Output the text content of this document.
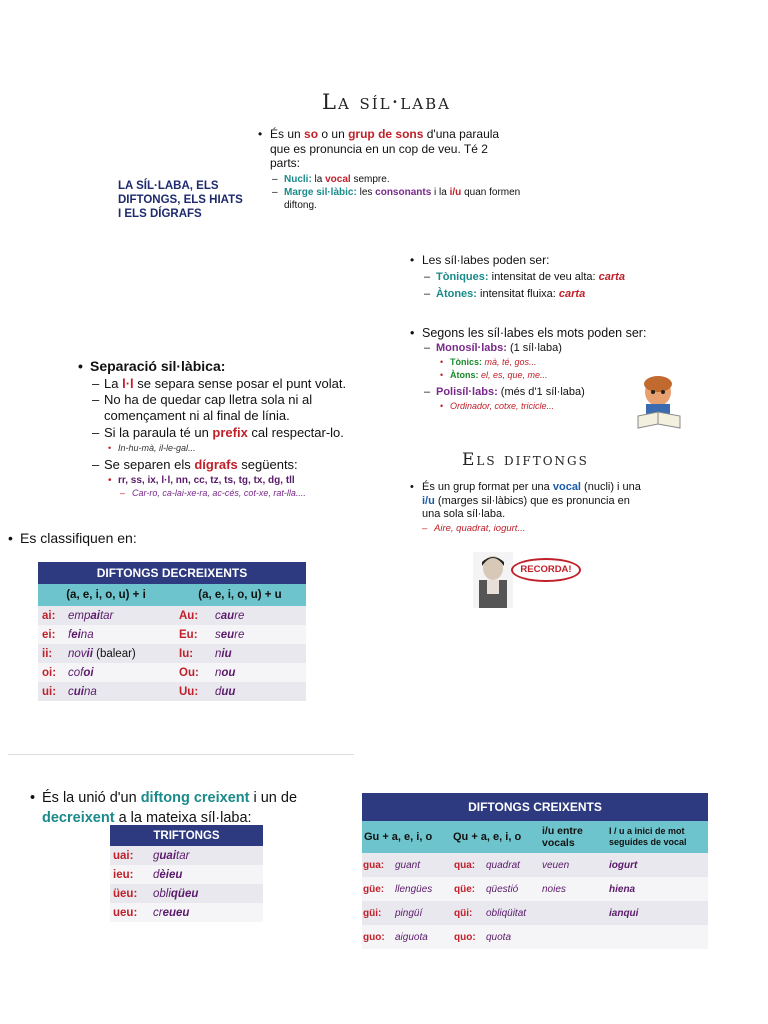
La síl·laba
LA SÍL·LABA, ELS
DIFTONGS, ELS HIATS
I ELS DÍGRAFS
• És un so o un grup de sons d'una paraula que es pronuncia en un cop de veu. Té 2 parts:
– Nucli: la vocal sempre.
– Marge sil·làbic: les consonants i la i/u quan formen diftong.
• Les síl·labes poden ser:
– Tòniques: intensitat de veu alta: carta
– Àtones: intensitat fluixa: carta
• Segons les síl·labes els mots poden ser:
– Monosíl·labs: (1 síl·laba)
• Tònics: mà, té, gos...
• Àtons: el, es, que, me...
– Polisíl·labs: (més d'1 síl·laba)
• Ordinador, cotxe, tricicle...
• Separació sil·làbica:
– La l·l se separa sense posar el punt volat.
– No ha de quedar cap lletra sola ni al començament ni al final de línia.
– Si la paraula té un prefix cal respectar-lo.
• In-hu-mà, il-le-gal...
– Se separen els dígrafs següents:
• rr, ss, ix, l·l, nn, cc, tz, ts, tg, tx, dg, tll
– Car-ro, ca-lai-xe-ra, ac-cés, cot-xe, rat-lla....
Els diftongs
• És un grup format per una vocal (nucli) i una i/u (marges sil·làbics) que es pronuncia en una sola síl·laba.
– Aire, quadrat, iogurt...
RECORDA!
• Es classifiquen en:
DIFTONGS DECREIXENTS	
(a, e, i, o, u) + i	(a, e, i, o, u) + u
ai: empaitar	Au: caure
ei: feina	Eu: seure
ii: novii (balear)	Iu: niu
oi: cofoi	Ou: nou
ui: cuina	Uu: duu
• És la unió d'un diftong creixent i un de decreixent a la mateixa síl·laba:
TRIFTONGS	
uai:	guaitar
ieu:	dèieu
üeu:	obliqüeu
ueu:	creueu
DIFTONGS CREIXENTS			
Gu + a, e, i, o	Qu + a, e, i, o	i/u entre vocals	I / u a inici de mot seguides de vocal
gua: guant	qua: quadrat	veuen	iogurt
güe: llengües	qüe: qüestió	noies	hiena
güi: pingüí	qüi: obliqüitat		ianqui
guo: aiguota	quo: quota		
